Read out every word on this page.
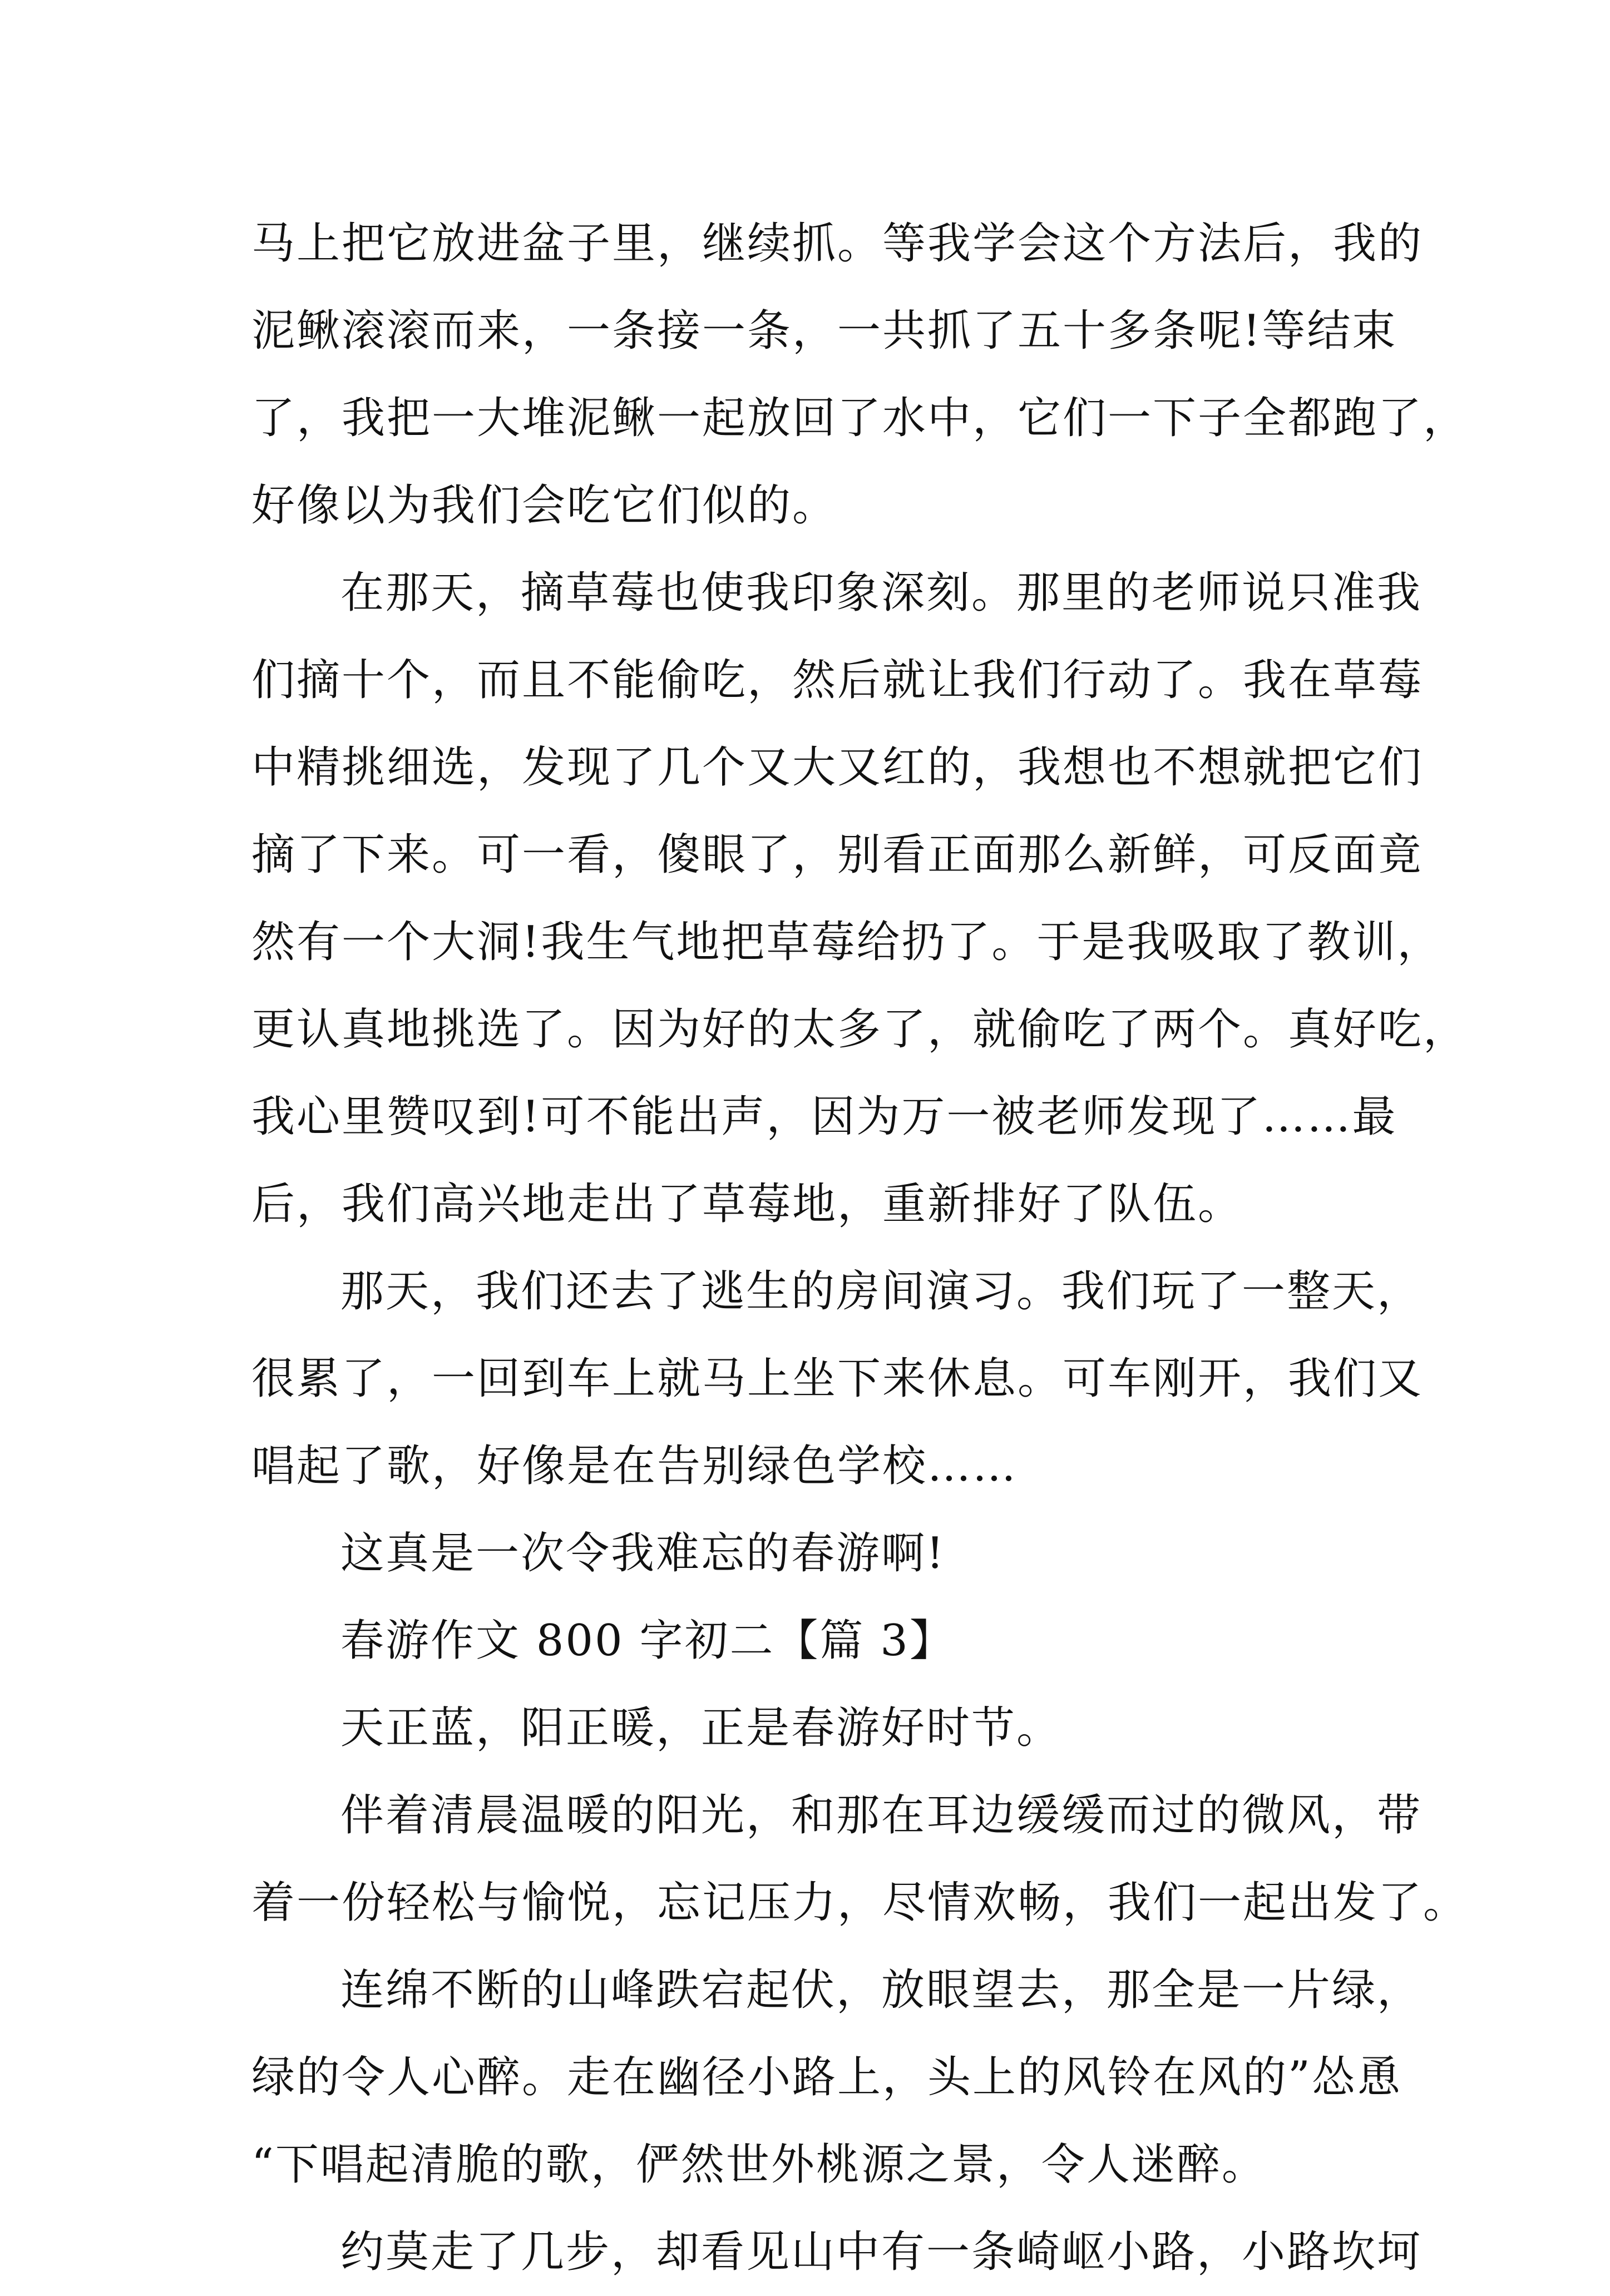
马上把它放进盆子里，继续抓。等我学会这个方法后，我的
泥鳅滚滚而来，一条接一条，一共抓了五十多条呢!等结束
了，我把一大堆泥鳅一起放回了水中，它们一下子全都跑了，
好像以为我们会吃它们似的。
在那天，摘草莓也使我印象深刻。那里的老师说只准我
们摘十个，而且不能偷吃，然后就让我们行动了。我在草莓
中精挑细选，发现了几个又大又红的，我想也不想就把它们
摘了下来。可一看，傻眼了，别看正面那么新鲜，可反面竟
然有一个大洞!我生气地把草莓给扔了。于是我吸取了教训，
更认真地挑选了。因为好的太多了，就偷吃了两个。真好吃，
我心里赞叹到!可不能出声，因为万一被老师发现了……最
后，我们高兴地走出了草莓地，重新排好了队伍。
那天，我们还去了逃生的房间演习。我们玩了一整天，
很累了，一回到车上就马上坐下来休息。可车刚开，我们又
唱起了歌，好像是在告别绿色学校……
这真是一次令我难忘的春游啊!
春游作文 800 字初二【篇 3】
天正蓝，阳正暖，正是春游好时节。
伴着清晨温暖的阳光，和那在耳边缓缓而过的微风，带
着一份轻松与愉悦，忘记压力，尽情欢畅，我们一起出发了。
连绵不断的山峰跌宕起伏，放眼望去，那全是一片绿，
绿的令人心醉。走在幽径小路上，头上的风铃在风的”怂恿
“下唱起清脆的歌，俨然世外桃源之景，令人迷醉。
约莫走了几步，却看见山中有一条崎岖小路，小路坎坷
